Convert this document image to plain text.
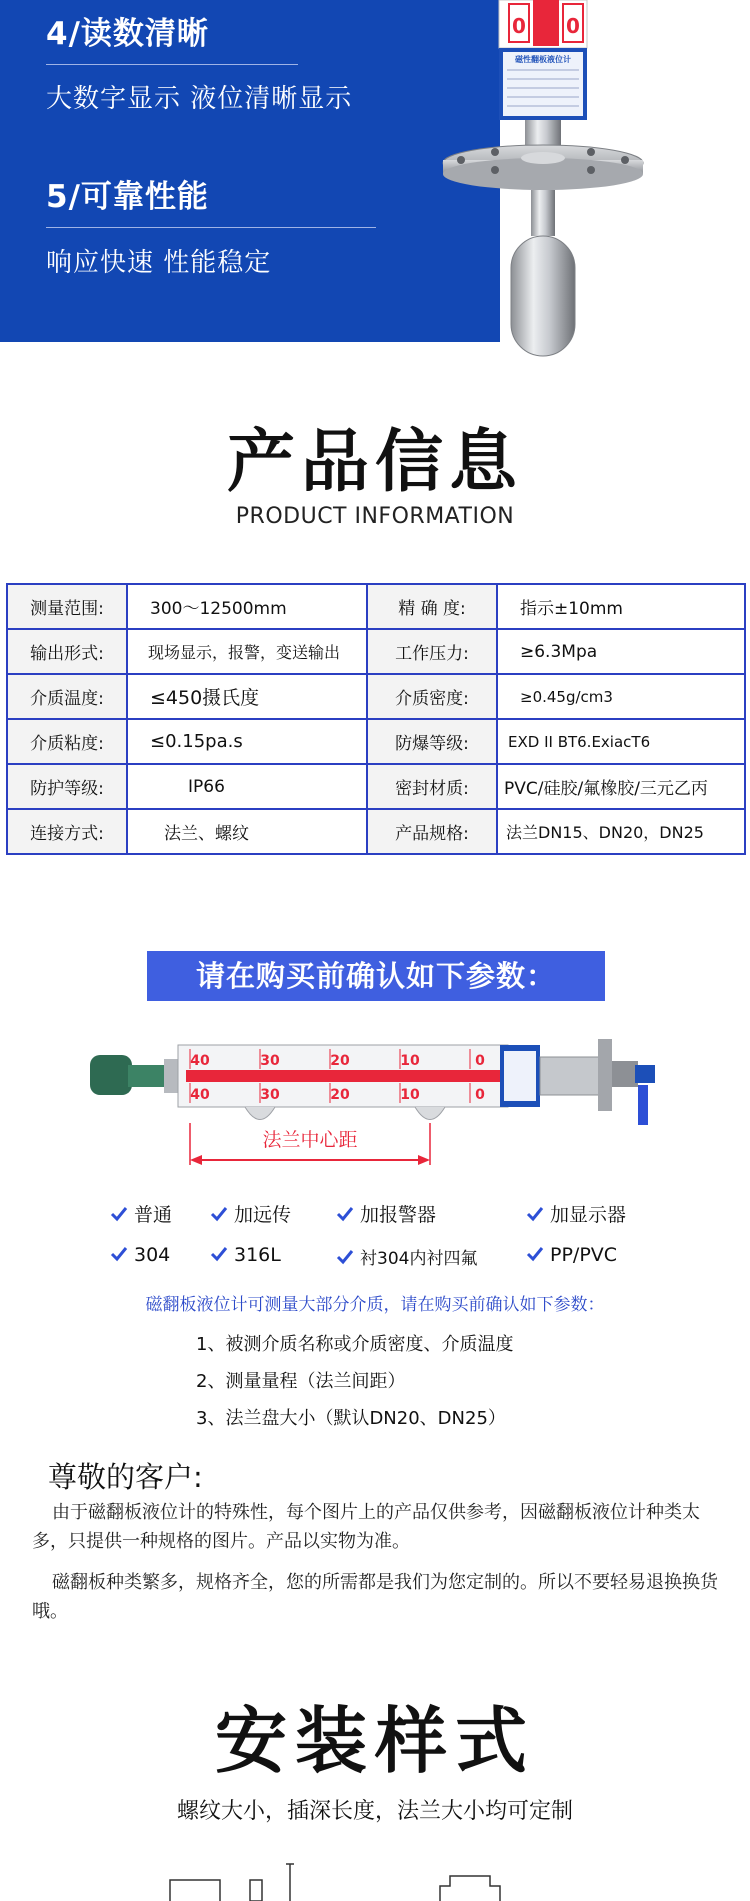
4/读数清晰
大数字显示 液位清晰显示
5/可靠性能
响应快速 性能稳定
0 0
磁性翻板液位计
产品信息
PRODUCT INFORMATION
测量范围:	300～12500mm	精 确 度:	指示±10mm
输出形式:	现场显示，报警，变送输出	工作压力:	≥6.3Mpa
介质温度:	≤450摄氏度	介质密度:	≥0.45g/cm3
介质粘度:	≤0.15pa.s	防爆等级:	EXD II BT6.ExiacT6
防护等级:	IP66	密封材质:	PVC/硅胶/氟橡胶/三元乙丙
连接方式:	法兰、螺纹	产品规格:	法兰DN15、DN20，DN25
请在购买前确认如下参数：
40	30	20	10	0
40	30	20	10	0
法兰中心距
普通	加远传	加报警器	加显示器
304	316L	衬304内衬四氟	PP/PVC
磁翻板液位计可测量大部分介质，请在购买前确认如下参数：
1、被测介质名称或介质密度、介质温度
2、测量量程（法兰间距）
3、法兰盘大小（默认DN20、DN25）
尊敬的客户:
由于磁翻板液位计的特殊性，每个图片上的产品仅供参考，因磁翻板液位计种类太多，只提供一种规格的图片。产品以实物为准。
磁翻板种类繁多，规格齐全，您的所需都是我们为您定制的。所以不要轻易退换换货哦。
安装样式
螺纹大小，插深长度，法兰大小均可定制
